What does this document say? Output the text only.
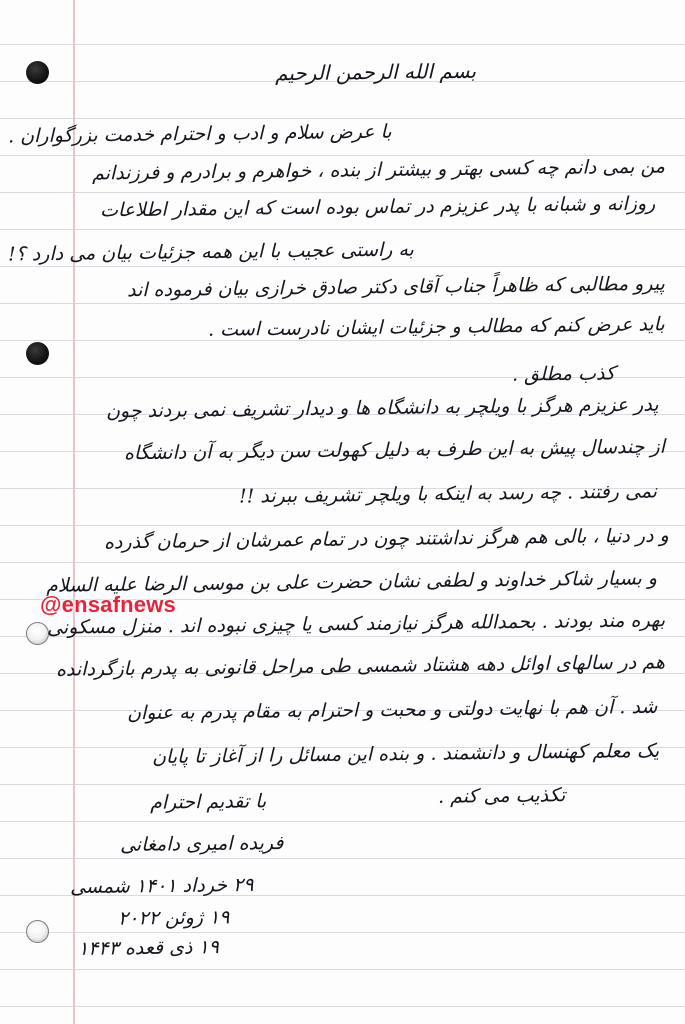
بسم الله الرحمن الرحیم
با عرض سلام و ادب و احترام خدمت بزرگواران .
من بمی دانم چه کسی بهتر و بیشتر از بنده ، خواهرم و برادرم و فرزندانم
روزانه و شبانه با پدر عزیزم در تماس بوده است که این مقدار اطلاعات
به راستی عجیب با این همه جزئیات بیان می دارد ؟!
پیرو مطالبی که ظاهراً جناب آقای دکتر صادق خرازی بیان فرموده اند
باید عرض کنم که مطالب و جزئیات ایشان نادرست است .
کذب مطلق .
پدر عزیزم هرگز با ویلچر به دانشگاه ها و دیدار تشریف نمی بردند چون
از چندسال پیش به این طرف به دلیل کهولت سن دیگر به آن دانشگاه
نمی رفتند . چه رسد به اینکه با ویلچر تشریف ببرند !!
و در دنیا ، بالی هم هرگز نداشتند چون در تمام عمرشان از حرمان گذرده
و بسیار شاکر خداوند و لطفی نشان حضرت علی بن موسی الرضا علیه السلام
بهره مند بودند . بحمدالله هرگز نیازمند کسی یا چیزی نبوده اند . منزل مسکونی
هم در سالهای اوائل دهه هشتاد شمسی طی مراحل قانونی به پدرم بازگردانده
شد . آن هم با نهایت دولتی و محبت و احترام به مقام پدرم به عنوان
یک معلم کهنسال و دانشمند . و بنده این مسائل را از آغاز تا پایان
تکذیب می کنم .
با تقدیم احترام
فریده امیری دامغانی
۲۹ خرداد ۱۴۰۱ شمسی
۱۹ ژوئن ۲۰۲۲
۱۹ ذی قعده ۱۴۴۳
@ensafnews
